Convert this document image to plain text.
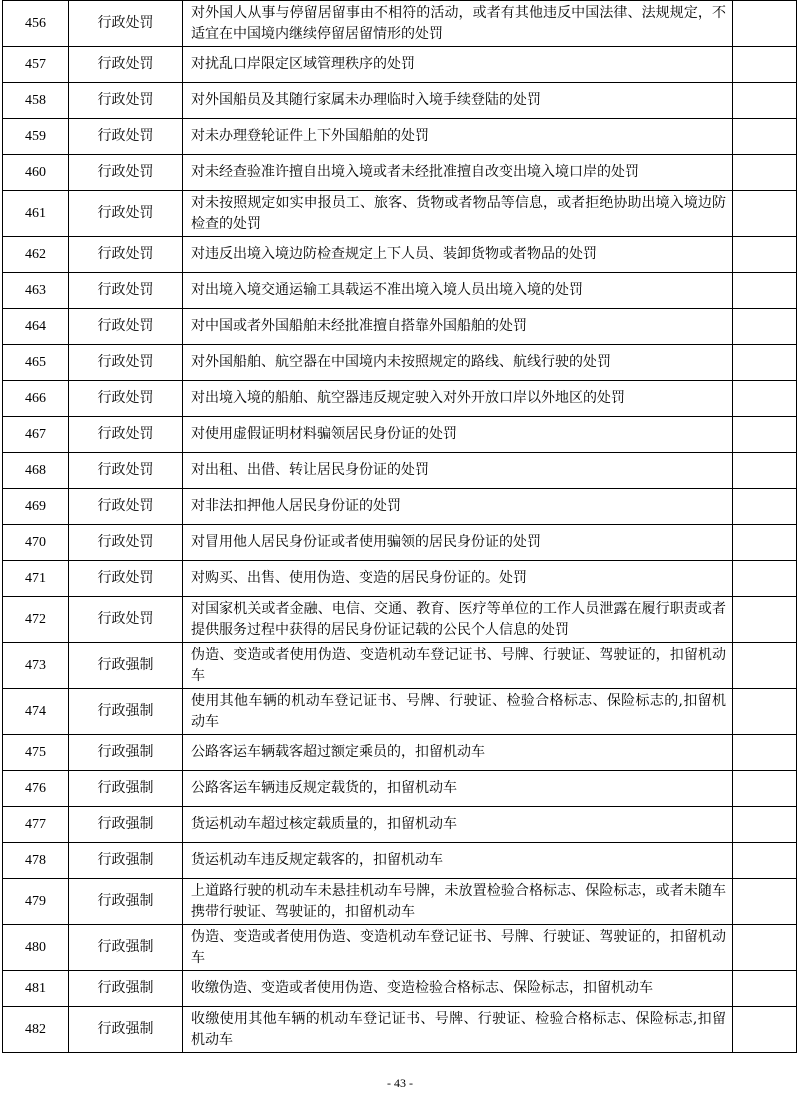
456	行政处罚	对外国人从事与停留居留事由不相符的活动，或者有其他违反中国法律、法规规定，不适宜在中国境内继续停留居留情形的处罚	
457	行政处罚	对扰乱口岸限定区域管理秩序的处罚	
458	行政处罚	对外国船员及其随行家属未办理临时入境手续登陆的处罚	
459	行政处罚	对未办理登轮证件上下外国船舶的处罚	
460	行政处罚	对未经查验准许擅自出境入境或者未经批准擅自改变出境入境口岸的处罚	
461	行政处罚	对未按照规定如实申报员工、旅客、货物或者物品等信息，或者拒绝协助出境入境边防检查的处罚	
462	行政处罚	对违反出境入境边防检查规定上下人员、装卸货物或者物品的处罚	
463	行政处罚	对出境入境交通运输工具载运不准出境入境人员出境入境的处罚	
464	行政处罚	对中国或者外国船舶未经批准擅自搭靠外国船舶的处罚	
465	行政处罚	对外国船舶、航空器在中国境内未按照规定的路线、航线行驶的处罚	
466	行政处罚	对出境入境的船舶、航空器违反规定驶入对外开放口岸以外地区的处罚	
467	行政处罚	对使用虚假证明材料骗领居民身份证的处罚	
468	行政处罚	对出租、出借、转让居民身份证的处罚	
469	行政处罚	对非法扣押他人居民身份证的处罚	
470	行政处罚	对冒用他人居民身份证或者使用骗领的居民身份证的处罚	
471	行政处罚	对购买、出售、使用伪造、变造的居民身份证的。处罚	
472	行政处罚	对国家机关或者金融、电信、交通、教育、医疗等单位的工作人员泄露在履行职责或者提供服务过程中获得的居民身份证记载的公民个人信息的处罚	
473	行政强制	伪造、变造或者使用伪造、变造机动车登记证书、号牌、行驶证、驾驶证的，扣留机动车	
474	行政强制	使用其他车辆的机动车登记证书、号牌、行驶证、检验合格标志、保险标志的,扣留机动车	
475	行政强制	公路客运车辆载客超过额定乘员的，扣留机动车	
476	行政强制	公路客运车辆违反规定载货的，扣留机动车	
477	行政强制	货运机动车超过核定载质量的，扣留机动车	
478	行政强制	货运机动车违反规定载客的，扣留机动车	
479	行政强制	上道路行驶的机动车未悬挂机动车号牌，未放置检验合格标志、保险标志，或者未随车携带行驶证、驾驶证的，扣留机动车	
480	行政强制	伪造、变造或者使用伪造、变造机动车登记证书、号牌、行驶证、驾驶证的，扣留机动车	
481	行政强制	收缴伪造、变造或者使用伪造、变造检验合格标志、保险标志，扣留机动车	
482	行政强制	收缴使用其他车辆的机动车登记证书、号牌、行驶证、检验合格标志、保险标志,扣留机动车	
- 43 -
